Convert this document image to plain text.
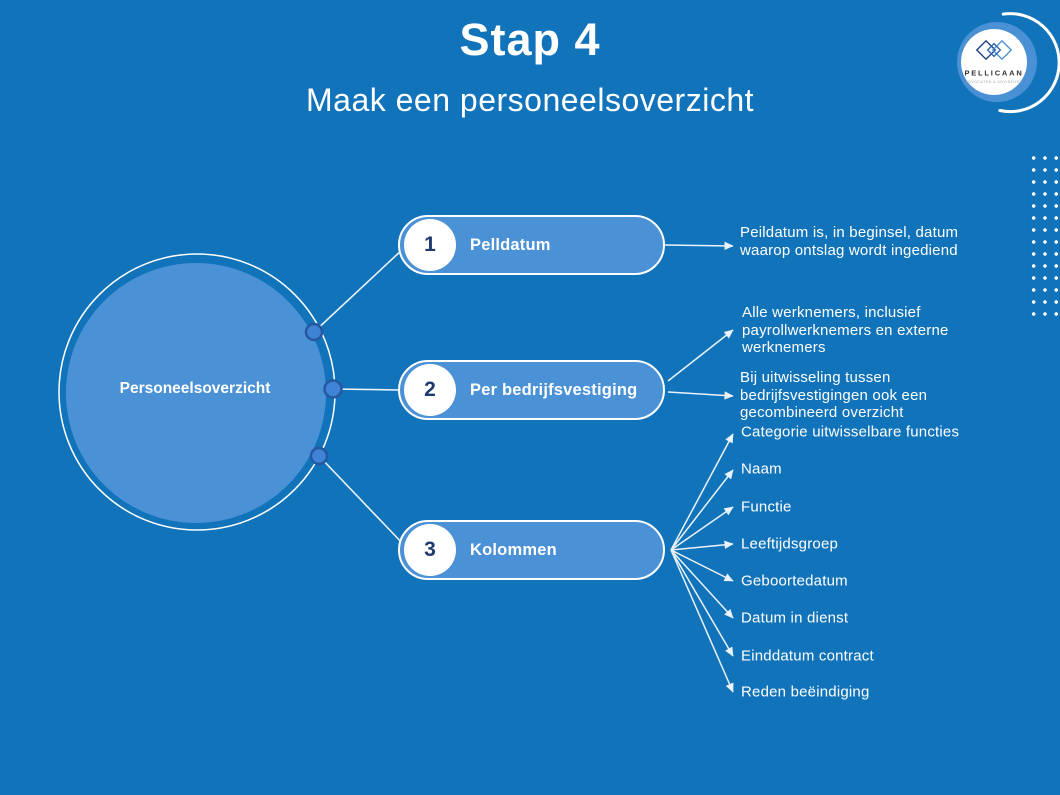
Stap 4
Maak een personeelsoverzicht
Personeelsoverzicht
1	Pelldatum
2	Per bedrijfsvestiging
3	Kolommen
Peildatum is, in beginsel, datum waarop ontslag wordt ingediend
Alle werknemers, inclusief payrollwerknemers en externe werknemers
Bij uitwisseling tussen bedrijfsvestigingen ook een gecombineerd overzicht
Categorie uitwisselbare functies
Naam
Functie
Leeftijdsgroep
Geboortedatum
Datum in dienst
Einddatum contract
Reden beëindiging
PELLICAAN
ADVOCATEN & ADVISEURS
